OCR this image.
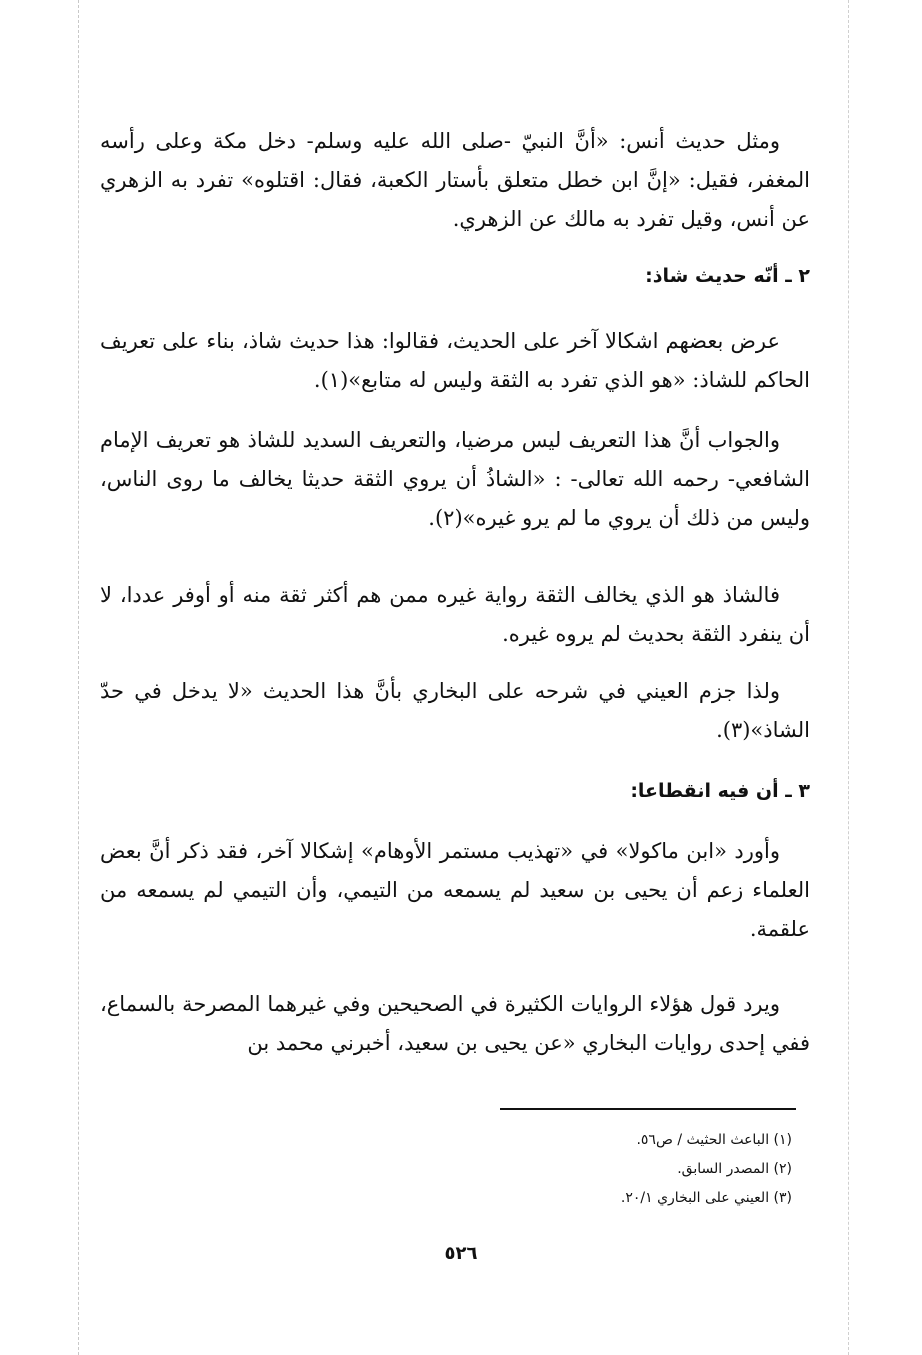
ومثل حديث أنس: «أنَّ النبيّ -صلى الله عليه وسلم- دخل مكة وعلى رأسه المغفر، فقيل: «إنَّ ابن خطل متعلق بأستار الكعبة، فقال: اقتلوه» تفرد به الزهري عن أنس، وقيل تفرد به مالك عن الزهري.

٢ ـ أنّه حديث شاذ:

عرض بعضهم اشكالا آخر على الحديث، فقالوا: هذا حديث شاذ، بناء على تعريف الحاكم للشاذ: «هو الذي تفرد به الثقة وليس له متابع»(١).

والجواب أنَّ هذا التعريف ليس مرضيا، والتعريف السديد للشاذ هو تعريف الإمام الشافعي- رحمه الله تعالى- : «الشاذُ أن يروي الثقة حديثا يخالف ما روى الناس، وليس من ذلك أن يروي ما لم يرو غيره»(٢).

فالشاذ هو الذي يخالف الثقة رواية غيره ممن هم أكثر ثقة منه أو أوفر عددا، لا أن ينفرد الثقة بحديث لم يروه غيره.

ولذا جزم العيني في شرحه على البخاري بأنَّ هذا الحديث «لا يدخل في حدّ الشاذ»(٣).

٣ ـ أن فيه انقطاعا:

وأورد «ابن ماكولا» في «تهذيب مستمر الأوهام» إشكالا آخر، فقد ذكر أنَّ بعض العلماء زعم أن يحيى بن سعيد لم يسمعه من التيمي، وأن التيمي لم يسمعه من علقمة.

ويرد قول هؤلاء الروايات الكثيرة في الصحيحين وفي غيرهما المصرحة بالسماع، ففي إحدى روايات البخاري «عن يحيى بن سعيد، أخبرني محمد بن

(١) الباعث الحثيث / ص٥٦.
(٢) المصدر السابق.
(٣) العيني على البخاري ٢٠/١.
٥٢٦
